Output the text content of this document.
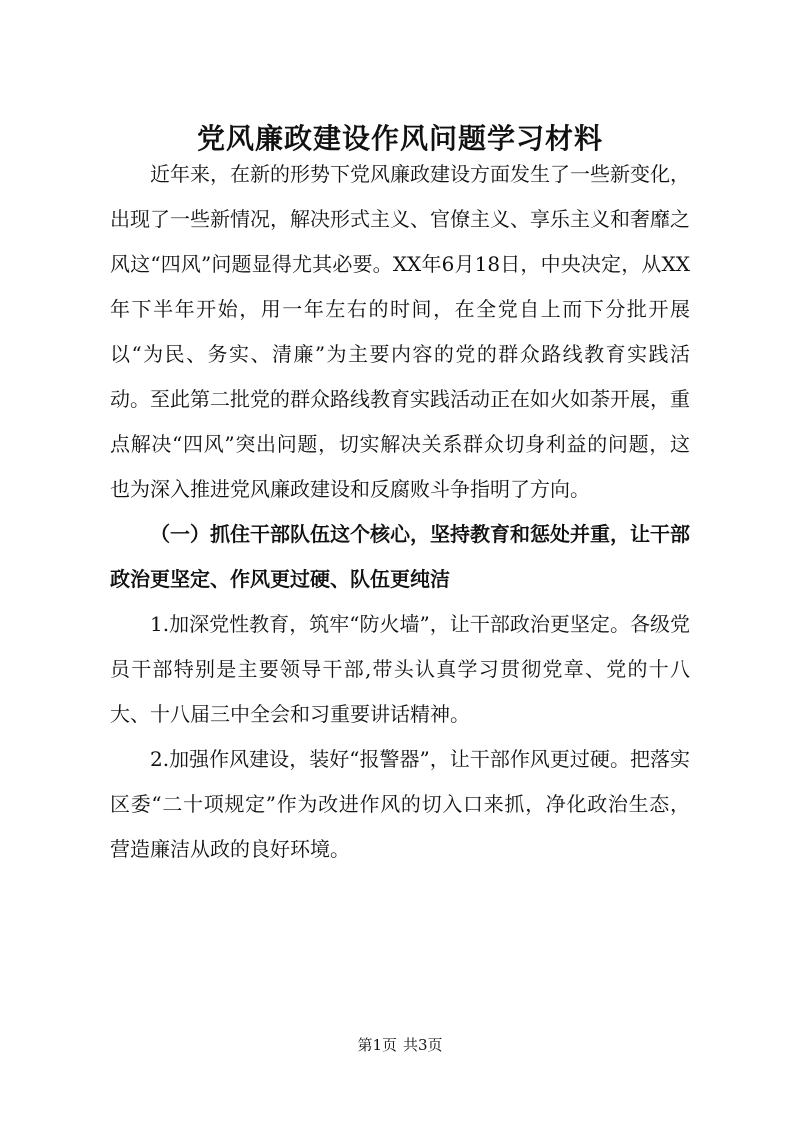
党风廉政建设作风问题学习材料

近年来，在新的形势下党风廉政建设方面发生了一些新变化，出现了一些新情况，解决形式主义、官僚主义、享乐主义和奢靡之风这“四风”问题显得尤其必要。XX年6月18日，中央决定，从XX年下半年开始，用一年左右的时间，在全党自上而下分批开展以“为民、务实、清廉”为主要内容的党的群众路线教育实践活动。至此第二批党的群众路线教育实践活动正在如火如荼开展，重点解决“四风”突出问题，切实解决关系群众切身利益的问题，这也为深入推进党风廉政建设和反腐败斗争指明了方向。

（一）抓住干部队伍这个核心，坚持教育和惩处并重，让干部政治更坚定、作风更过硬、队伍更纯洁

1.加深党性教育，筑牢“防火墙”，让干部政治更坚定。各级党员干部特别是主要领导干部,带头认真学习贯彻党章、党的十八大、十八届三中全会和习重要讲话精神。

2.加强作风建设，装好“报警器”，让干部作风更过硬。把落实区委“二十项规定”作为改进作风的切入口来抓，净化政治生态，营造廉洁从政的良好环境。

第1页 共3页
